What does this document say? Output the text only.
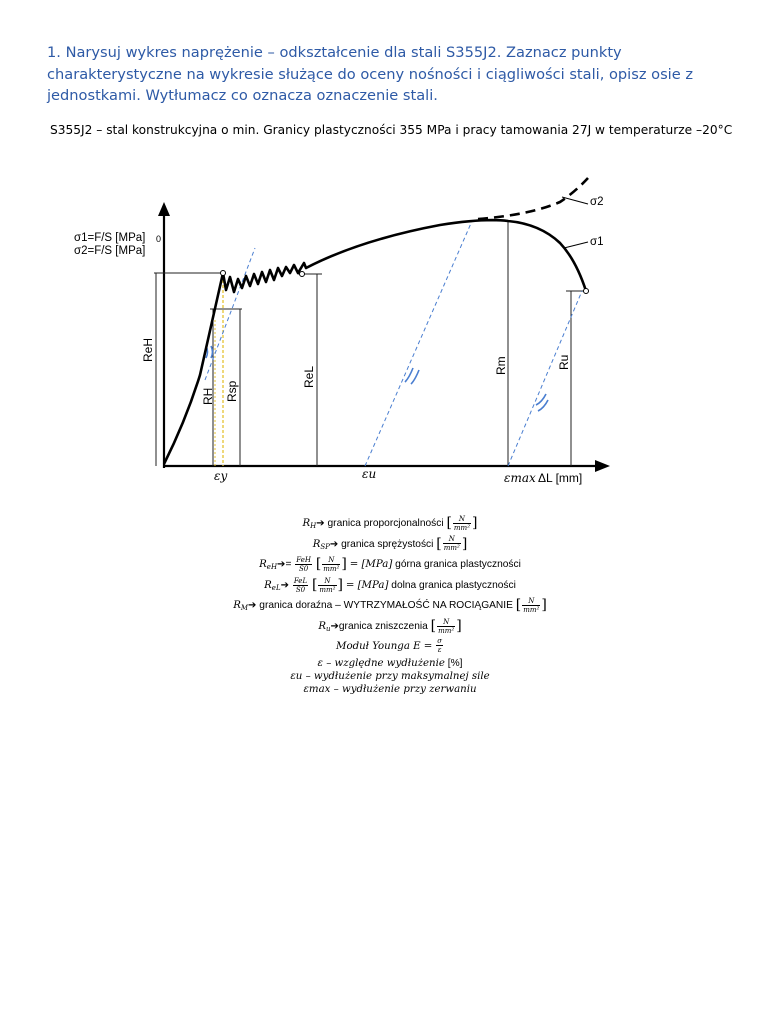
1. Narysuj wykres naprężenie – odkształcenie dla stali S355J2. Zaznacz punkty charakterystyczne na wykresie służące do oceny nośności i ciągliwości stali, opisz osie z jednostkami. Wytłumacz co oznacza oznaczenie stali.

S355J2 – stal konstrukcyjna o min. Granicy plastyczności 355 MPa i pracy tamowania 27J w temperaturze –20°C
σ1=F/S [MPa] 0
σ2=F/S [MPa]
σ2
σ1
ΔL [mm]
ReH
RH Rsp
ReL
Rm	Ru
εy	εu	εmax
$R_H➔$ granica proporcjonalności [ $\frac{N}{\text{mm²}}$ ]
$R_{SP}➔$ granica sprężystości [ $\frac{N}{\text{mm²}}$ ]
$R_{eH}➔= \frac{\text{FeH}}{S0}$ [ $\frac{N}{\text{mm²}}$ ] = [MPa] górna granica plastyczności
$R_{eL}➔ \frac{\text{FeL}}{S0}$ [ $\frac{N}{\text{mm²}}$ ] = [MPa] dolna granica plastyczności
$R_M➔$ granica doraźna – WYTRZYMAŁOŚĆ NA ROCIĄGANIE [ $\frac{N}{\text{mm²}}$ ]
$R_u➔granica$ zniszczenia [ $\frac{N}{\text{mm²}}$ ]
Moduł Younga $E = \frac{\sigma}{\varepsilon}$
ε – względne wydłużenie [%]
εu – wydłużenie przy maksymalnej sile
εmax – wydłużenie przy zerwaniu
